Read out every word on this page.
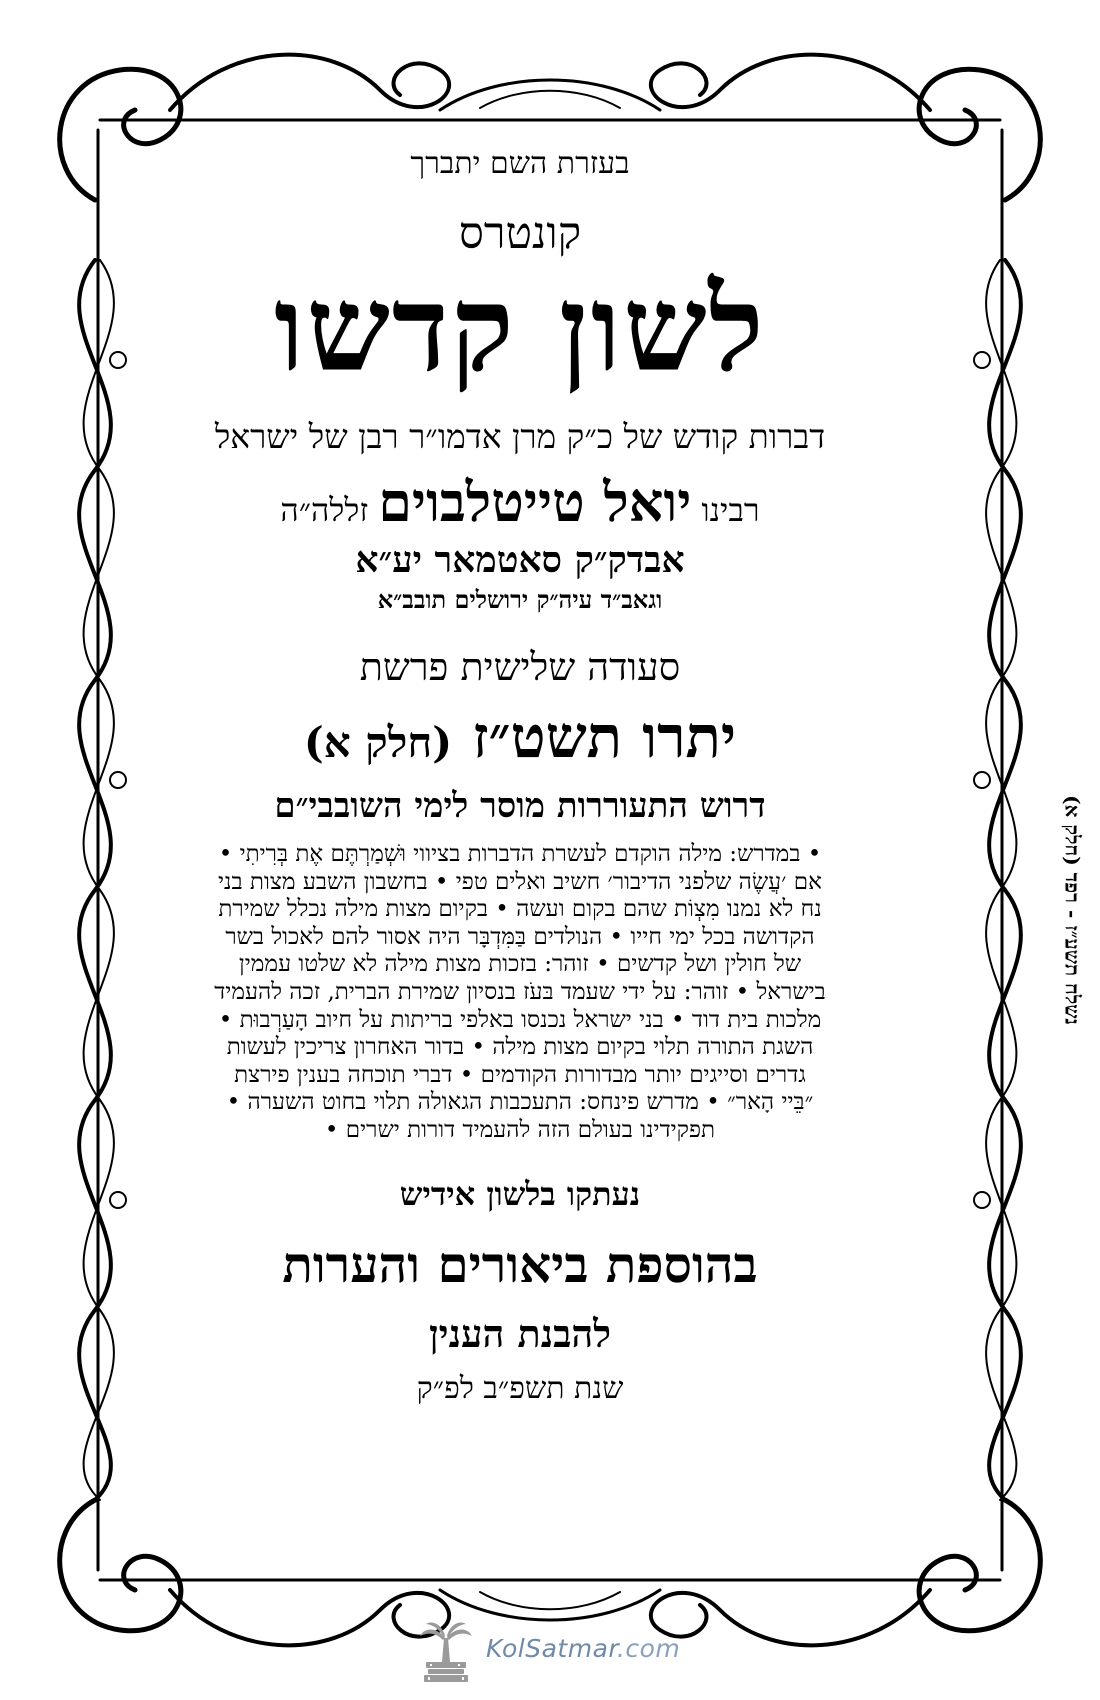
בעזרת השם יתברך
קונטרס
לשון קדשו
דברות קודש של כ״ק מרן אדמו״ר רבן של ישראל
רבינויואל טייטלבויםזללה״ה
אבדק״ק סאטמאר יע״א
וגאב״ד עיה״ק ירושלים תובב״א
סעודה שלישית פרשת
יתרו תשט״ז (חלק א)
דרוש התעוררות מוסר לימי השובבי״ם
• במדרש: מילה הוקדם לעשרת הדברות בציווי וּשְׁמַרְתֶּם אֶת בְּרִיתִי •
אם ׳עֲשֶׂה שלפני הדיבור׳ חשיב ואלים טפי • בחשבון השבע מצות בני
נח לא נמנו מִצְוֹת שהם בקום ועשה • בקיום מצות מילה נכלל שמירת
הקדושה בכל ימי חייו • הנולדים בַּמִּדְבָּר היה אסור להם לאכול בשר
של חולין ושל קדשים • זוהר: בזכות מצות מילה לא שלטו עממין
בישראל • זוהר: על ידי שעמד בּעֹז בנסיון שמירת הברית, זכה להעמיד
מלכות בית דוד • בני ישראל נכנסו באלפי בריתות על חיוב הָעַרְבוּת •
השגת התורה תלוי בקיום מצות מילה • בדור האחרון צריכין לעשות
גדרים וסייגים יותר מבדורות הקודמים • דברי תוכחה בענין פירצת
״בֵּיי הָאר״ • מדרש פינחס: התעכבות הגאולה תלוי בחוט השערה •
תפקידינו בעולם הזה להעמיד דורות ישרים •
נעתקו בלשון אידיש
בהוספת ביאורים והערות
להבנת הענין
שנת תשפ״ב לפ״ק
נשלח תשע״ז - רפד (חלק א)
KolSatmar.com
